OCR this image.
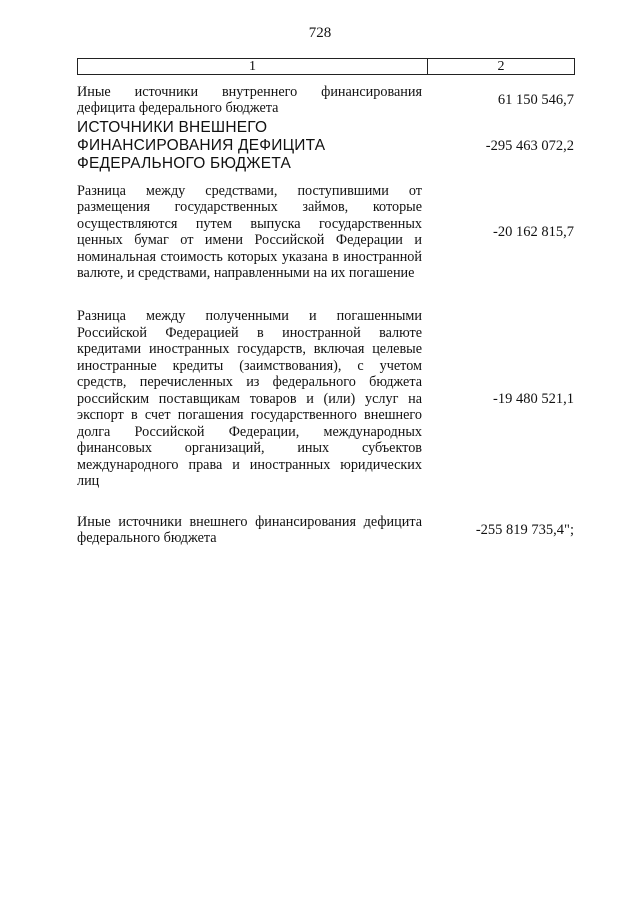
728
1	2
Иные источники внутреннего финансирования дефицита федерального бюджета
61 150 546,7
ИСТОЧНИКИ ВНЕШНЕГО ФИНАНСИРОВАНИЯ ДЕФИЦИТА ФЕДЕРАЛЬНОГО БЮДЖЕТА
-295 463 072,2
Разница между средствами, поступившими от размещения государственных займов, которые осуществляются путем выпуска государственных ценных бумаг от имени Российской Федерации и номинальная стоимость которых указана в иностранной валюте, и средствами, направленными на их погашение
-20 162 815,7
Разница между полученными и погашенными Российской Федерацией в иностранной валюте кредитами иностранных государств, включая целевые иностранные кредиты (заимствования), с учетом средств, перечисленных из федерального бюджета российским поставщикам товаров и (или) услуг на экспорт в счет погашения государственного внешнего долга Российской Федерации, международных финансовых организаций, иных субъектов международного права и иностранных юридических лиц
-19 480 521,1
Иные источники внешнего финансирования дефицита федерального бюджета
-255 819 735,4";
